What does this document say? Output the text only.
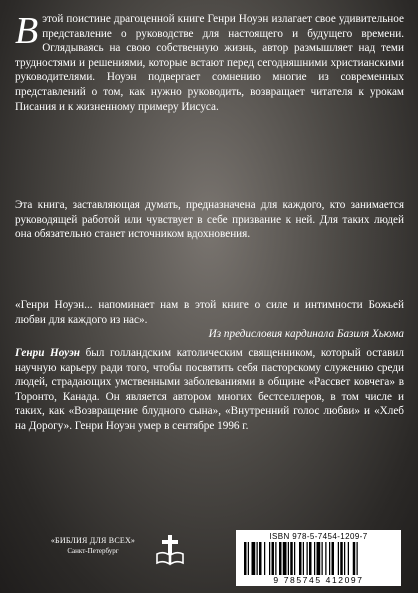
В этой поистине драгоценной книге Генри Ноуэн излагает свое удивительное представление о руководстве для настоящего и будущего времени. Оглядываясь на свою собственную жизнь, автор размышляет над теми трудностями и решениями, которые встают перед сегодняшними христианскими руководителями. Ноуэн подвергает сомнению многие из современных представлений о том, как нужно руководить, возвращает читателя к урокам Писания и к жизненному примеру Иисуса.

Эта книга, заставляющая думать, предназначена для каждого, кто занимается руководящей работой или чувствует в себе призвание к ней. Для таких людей она обязательно станет источником вдохновения.

«Генри Ноуэн... напоминает нам в этой книге о силе и интимности Божьей любви для каждого из нас».
Из предисловия кардинала Базиля Хьюма

Генри Ноуэн был голландским католическим священником, который оставил научную карьеру ради того, чтобы посвятить себя пасторскому служению среди людей, страдающих умственными заболеваниями в общине «Рассвет ковчега» в Торонто, Канада. Он является автором многих бестселлеров, в том числе и таких, как «Возвращение блудного сына», «Внутренний голос любви» и «Хлеб на Дорогу». Генри Ноуэн умер в сентябре 1996 г.

«БИБЛИЯ ДЛЯ ВСЕХ»
Санкт-Петербург
ISBN 978-5-7454-1209-7
9 785745 412097
